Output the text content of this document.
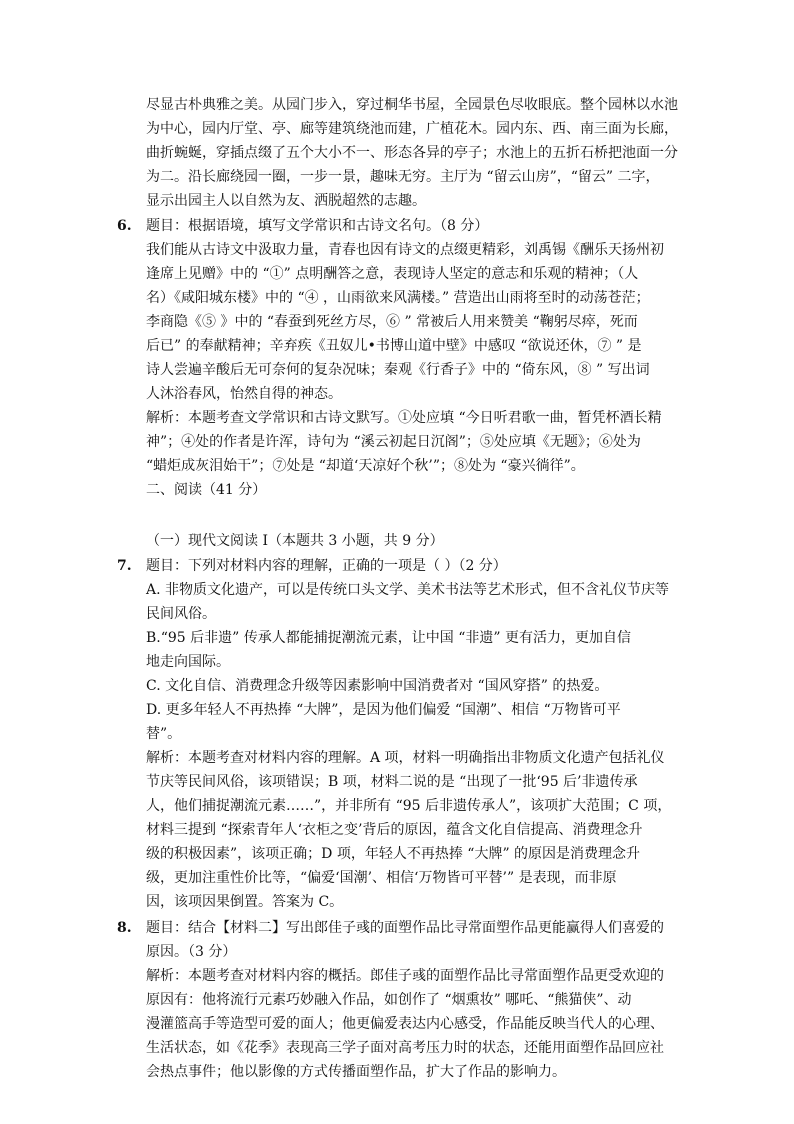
尽显古朴典雅之美。从园门步入，穿过桐华书屋，全园景色尽收眼底。整个园林以水池
为中心，园内厅堂、亭、廊等建筑绕池而建，广植花木。园内东、西、南三面为长廊，
曲折蜿蜒，穿插点缀了五个大小不一、形态各异的亭子；水池上的五折石桥把池面一分
为二。沿长廊绕园一圈，一步一景，趣味无穷。主厅为 “留云山房”，“留云” 二字，
显示出园主人以自然为友、洒脱超然的志趣。
6. 题目：根据语境，填写文学常识和古诗文名句。（8 分）
我们能从古诗文中汲取力量，青春也因有诗文的点缀更精彩，刘禹锡《酬乐天扬州初
逢席上见赠》中的 “①” 点明酬答之意，表现诗人坚定的意志和乐观的精神；（人
名）《咸阳城东楼》中的 “④ ，山雨欲来风满楼。” 营造出山雨将至时的动荡苍茫；
李商隐《⑤ 》中的 “春蚕到死丝方尽，⑥ ” 常被后人用来赞美 “鞠躬尽瘁，死而
后已” 的奉献精神；辛弃疾《丑奴儿•书博山道中壁》中感叹 “欲说还休，⑦ ” 是
诗人尝遍辛酸后无可奈何的复杂况味；秦观《行香子》中的 “倚东风，⑧ ” 写出词
人沐浴春风，怡然自得的神态。
解析：本题考查文学常识和古诗文默写。①处应填 “今日听君歌一曲，暂凭杯酒长精
神”；④处的作者是许浑，诗句为 “溪云初起日沉阁”；⑤处应填《无题》；⑥处为
“蜡炬成灰泪始干”；⑦处是 “却道‘天凉好个秋’”；⑧处为 “豪兴徜徉”。
二、阅读（41 分）
（一）现代文阅读 Ⅰ（本题共 3 小题，共 9 分）
7. 题目：下列对材料内容的理解，正确的一项是（ ）（2 分）
A. 非物质文化遗产，可以是传统口头文学、美术书法等艺术形式，但不含礼仪节庆等
民间风俗。
B.“95 后非遗” 传承人都能捕捉潮流元素，让中国 “非遗” 更有活力，更加自信
地走向国际。
C. 文化自信、消费理念升级等因素影响中国消费者对 “国风穿搭” 的热爱。
D. 更多年轻人不再热捧 “大牌”，是因为他们偏爱 “国潮”、相信 “万物皆可平
替”。
解析：本题考查对材料内容的理解。A 项，材料一明确指出非物质文化遗产包括礼仪
节庆等民间风俗，该项错误；B 项，材料二说的是 “出现了一批‘95 后’非遗传承
人，他们捕捉潮流元素……”，并非所有 “95 后非遗传承人”，该项扩大范围；C 项，
材料三提到 “探索青年人‘衣柜之变’背后的原因，蕴含文化自信提高、消费理念升
级的积极因素”，该项正确；D 项，年轻人不再热捧 “大牌” 的原因是消费理念升
级，更加注重性价比等，“偏爱‘国潮’、相信‘万物皆可平替’” 是表现，而非原
因，该项因果倒置。答案为 C。
8. 题目：结合【材料二】写出郎佳子彧的面塑作品比寻常面塑作品更能赢得人们喜爱的
原因。（3 分）
解析：本题考查对材料内容的概括。郎佳子彧的面塑作品比寻常面塑作品更受欢迎的
原因有：他将流行元素巧妙融入作品，如创作了 “烟熏妆” 哪吒、“熊猫侠”、动
漫灌篮高手等造型可爱的面人；他更偏爱表达内心感受，作品能反映当代人的心理、
生活状态，如《花季》表现高三学子面对高考压力时的状态，还能用面塑作品回应社
会热点事件；他以影像的方式传播面塑作品，扩大了作品的影响力。
